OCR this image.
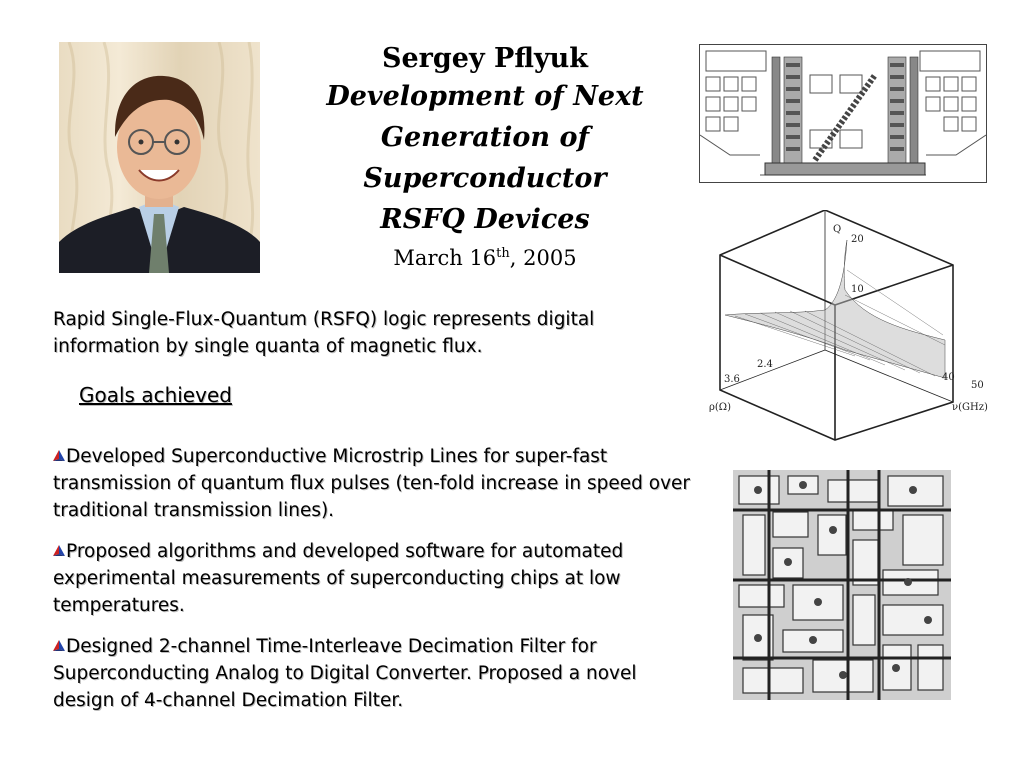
Sergey Pflyuk
Development of Next
Generation of
Superconductor
RSFQ Devices
March 16th, 2005
Rapid Single-Flux-Quantum (RSFQ) logic represents digital information by single quanta of magnetic flux.
Goals achieved
Developed Superconductive Microstrip Lines for super-fast transmission of quantum flux pulses (ten-fold increase in speed over traditional transmission lines).
Proposed algorithms and developed software for automated experimental measurements of superconducting chips at low temperatures.
Designed 2-channel Time-Interleave Decimation Filter for Superconducting Analog to Digital Converter. Proposed a novel design of 4-channel Decimation Filter.
Q
20
10
2.4
3.6	40
50
ρ(Ω)	ν(GHz)
